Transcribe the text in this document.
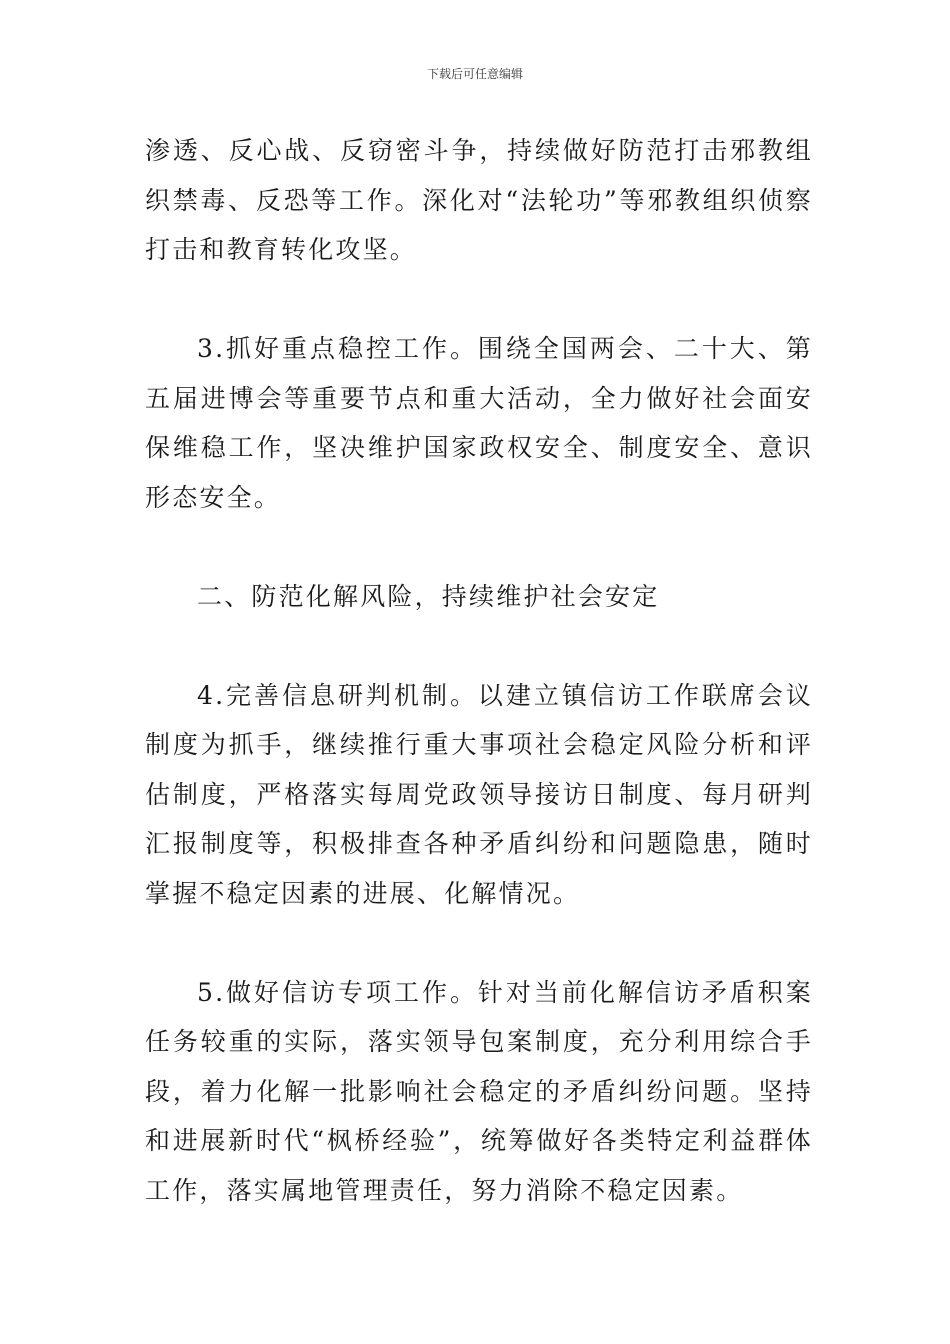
下载后可任意编辑

渗透、反心战、反窃密斗争，持续做好防范打击邪教组织禁毒、反恐等工作。深化对“法轮功”等邪教组织侦察打击和教育转化攻坚。

3.抓好重点稳控工作。围绕全国两会、二十大、第五届进博会等重要节点和重大活动，全力做好社会面安保维稳工作，坚决维护国家政权安全、制度安全、意识形态安全。

二、防范化解风险，持续维护社会安定

4.完善信息研判机制。以建立镇信访工作联席会议制度为抓手，继续推行重大事项社会稳定风险分析和评估制度，严格落实每周党政领导接访日制度、每月研判汇报制度等，积极排查各种矛盾纠纷和问题隐患，随时掌握不稳定因素的进展、化解情况。

5.做好信访专项工作。针对当前化解信访矛盾积案任务较重的实际，落实领导包案制度，充分利用综合手段，着力化解一批影响社会稳定的矛盾纠纷问题。坚持和进展新时代“枫桥经验”，统筹做好各类特定利益群体工作，落实属地管理责任，努力消除不稳定因素。
